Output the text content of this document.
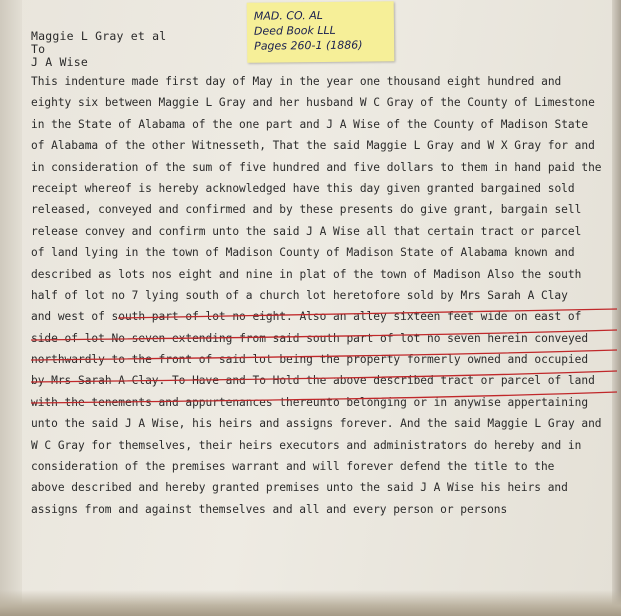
MAD. CO. AL
Deed Book LLL
Pages 260-1 (1886)
Maggie L Gray et al
To
J A Wise
This indenture made first day of May in the year one thousand eight hundred and
eighty six between Maggie L Gray and her husband W C Gray of the County of Limestone
in the State of Alabama of the one part and J A Wise of the County of Madison State
of Alabama of the other Witnesseth, That the said Maggie L Gray and W X Gray for and
in consideration of the sum of five hundred and five dollars to them in hand paid the
receipt whereof is hereby acknowledged have this day given granted bargained sold
released, conveyed and confirmed and by these presents do give grant, bargain sell
release convey and confirm unto the said J A Wise all that certain tract or parcel
of land lying in the town of Madison County of Madison State of Alabama known and
described as lots nos eight and nine in plat of the town of Madison Also the south
half of lot no 7 lying south of a church lot heretofore sold by Mrs Sarah A Clay
and west of south part of lot no eight. Also an alley sixteen feet wide on east of
side of lot No seven extending from said south part of lot no seven herein conveyed
northwardly to the front of said lot being the property formerly owned and occupied
by Mrs Sarah A Clay. To Have and To Hold the above described tract or parcel of land
with the tenements and appurtenances thereunto belonging or in anywise appertaining
unto the said J A Wise, his heirs and assigns forever. And the said Maggie L Gray and
W C Gray for themselves, their heirs executors and administrators do hereby and in
consideration of the premises warrant and will forever defend the title to the
above described and hereby granted premises unto the said J A Wise his heirs and
assigns from and against themselves and all and every person or persons
